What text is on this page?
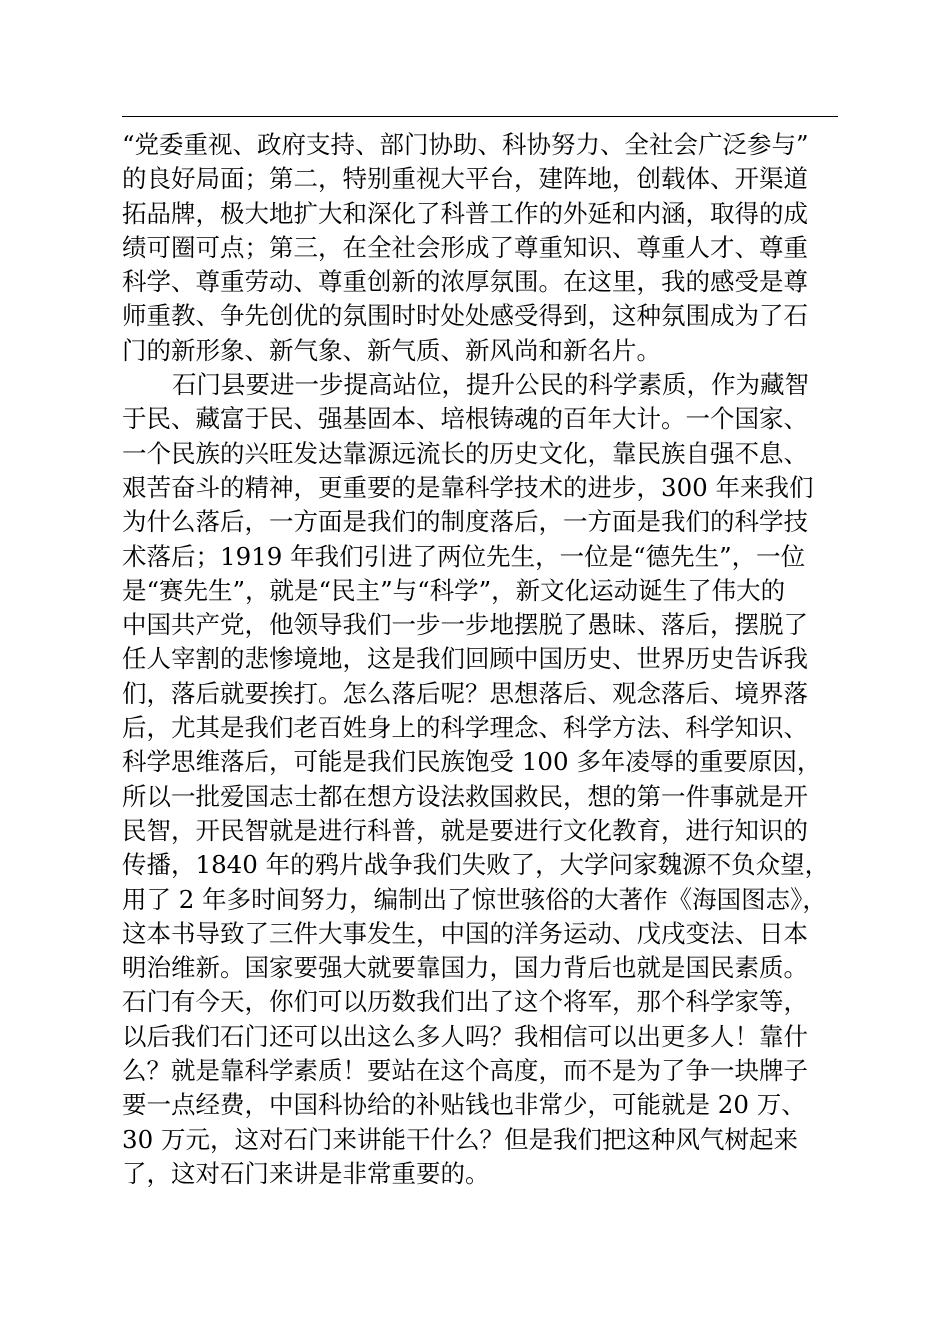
“党委重视、政府支持、部门协助、科协努力、全社会广泛参与”
的良好局面；第二，特别重视大平台，建阵地，创载体、开渠道
拓品牌，极大地扩大和深化了科普工作的外延和内涵，取得的成
绩可圈可点；第三，在全社会形成了尊重知识、尊重人才、尊重
科学、尊重劳动、尊重创新的浓厚氛围。在这里，我的感受是尊
师重教、争先创优的氛围时时处处感受得到，这种氛围成为了石
门的新形象、新气象、新气质、新风尚和新名片。
石门县要进一步提高站位，提升公民的科学素质，作为藏智
于民、藏富于民、强基固本、培根铸魂的百年大计。一个国家、
一个民族的兴旺发达靠源远流长的历史文化，靠民族自强不息、
艰苦奋斗的精神，更重要的是靠科学技术的进步，300 年来我们
为什么落后，一方面是我们的制度落后，一方面是我们的科学技
术落后；1919 年我们引进了两位先生，一位是“德先生”，一位
是“赛先生”，就是“民主”与“科学”，新文化运动诞生了伟大的
中国共产党，他领导我们一步一步地摆脱了愚昧、落后，摆脱了
任人宰割的悲惨境地，这是我们回顾中国历史、世界历史告诉我
们，落后就要挨打。怎么落后呢？思想落后、观念落后、境界落
后，尤其是我们老百姓身上的科学理念、科学方法、科学知识、
科学思维落后，可能是我们民族饱受 100 多年凌辱的重要原因，
所以一批爱国志士都在想方设法救国救民，想的第一件事就是开
民智，开民智就是进行科普，就是要进行文化教育，进行知识的
传播，1840 年的鸦片战争我们失败了，大学问家魏源不负众望，
用了 2 年多时间努力，编制出了惊世骇俗的大著作《海国图志》，
这本书导致了三件大事发生，中国的洋务运动、戊戌变法、日本
明治维新。国家要强大就要靠国力，国力背后也就是国民素质。
石门有今天，你们可以历数我们出了这个将军，那个科学家等，
以后我们石门还可以出这么多人吗？我相信可以出更多人！靠什
么？就是靠科学素质！要站在这个高度，而不是为了争一块牌子
要一点经费，中国科协给的补贴钱也非常少，可能就是 20 万、
30 万元，这对石门来讲能干什么？但是我们把这种风气树起来
了，这对石门来讲是非常重要的。
